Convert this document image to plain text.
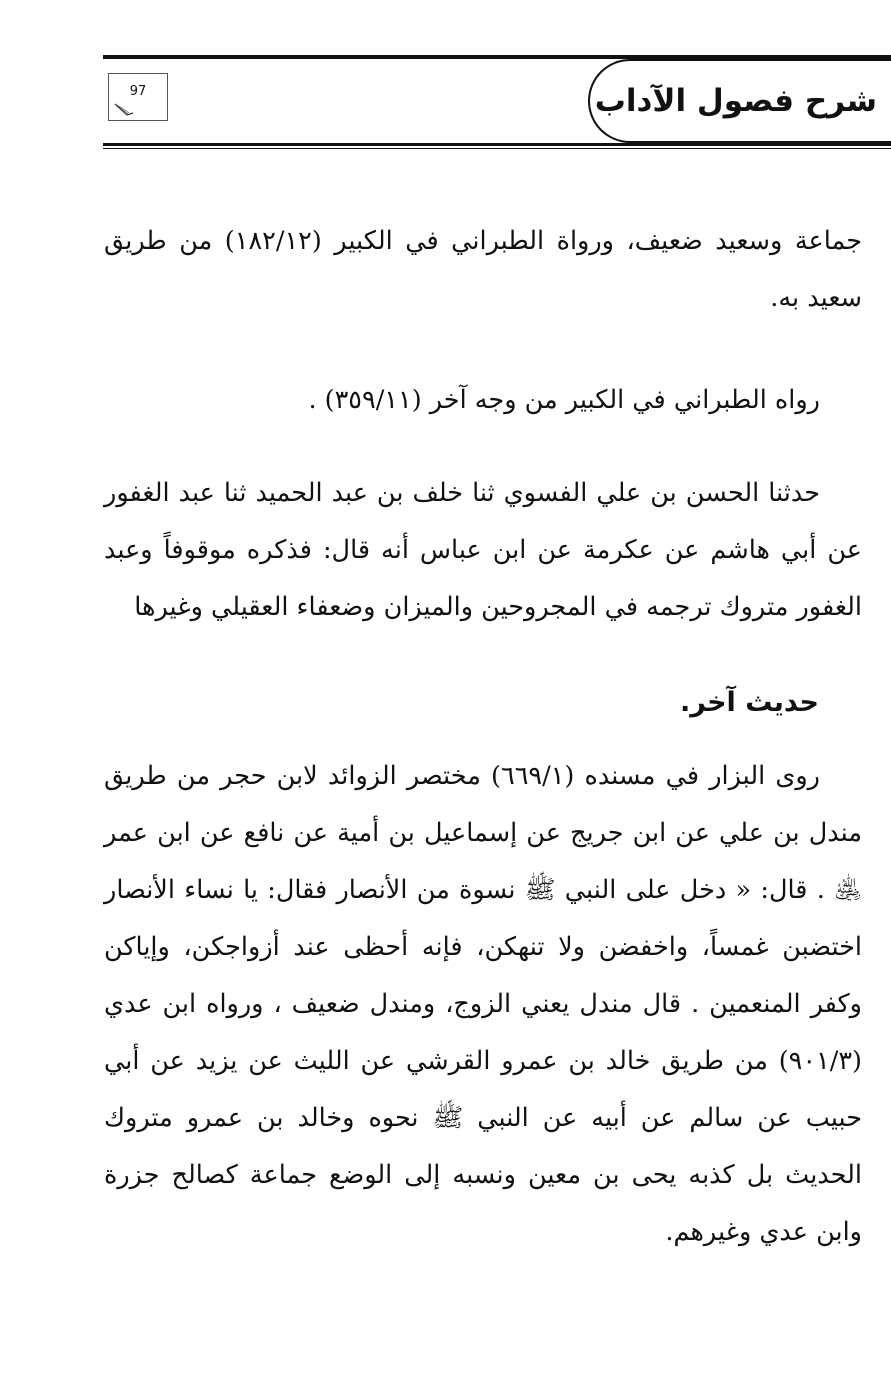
شرح فصول الآداب
97

جماعة وسعيد ضعيف، ورواة الطبراني في الكبير (١٨٢/١٢) من طريق سعيد به.

رواه الطبراني في الكبير من وجه آخر (٣٥٩/١١) .

حدثنا الحسن بن علي الفسوي ثنا خلف بن عبد الحميد ثنا عبد الغفور عن أبي هاشم عن عكرمة عن ابن عباس أنه قال: فذكره موقوفاً وعبد الغفور متروك ترجمه في المجروحين والميزان وضعفاء العقيلي وغيرها

حديث آخر.

روى البزار في مسنده (٦٦٩/١) مختصر الزوائد لابن حجر من طريق مندل بن علي عن ابن جريج عن إسماعيل بن أمية عن نافع عن ابن عمر ﵁ . قال: « دخل على النبي ﷺ نسوة من الأنصار فقال: يا نساء الأنصار اختضبن غمساً، واخفضن ولا تنهكن، فإنه أحظى عند أزواجكن، وإياكن وكفر المنعمين . قال مندل يعني الزوج، ومندل ضعيف ، ورواه ابن عدي (٩٠١/٣) من طريق خالد بن عمرو القرشي عن الليث عن يزيد عن أبي حبيب عن سالم عن أبيه عن النبي ﷺ نحوه وخالد بن عمرو متروك الحديث بل كذبه يحى بن معين ونسبه إلى الوضع جماعة كصالح جزرة وابن عدي وغيرهم.
